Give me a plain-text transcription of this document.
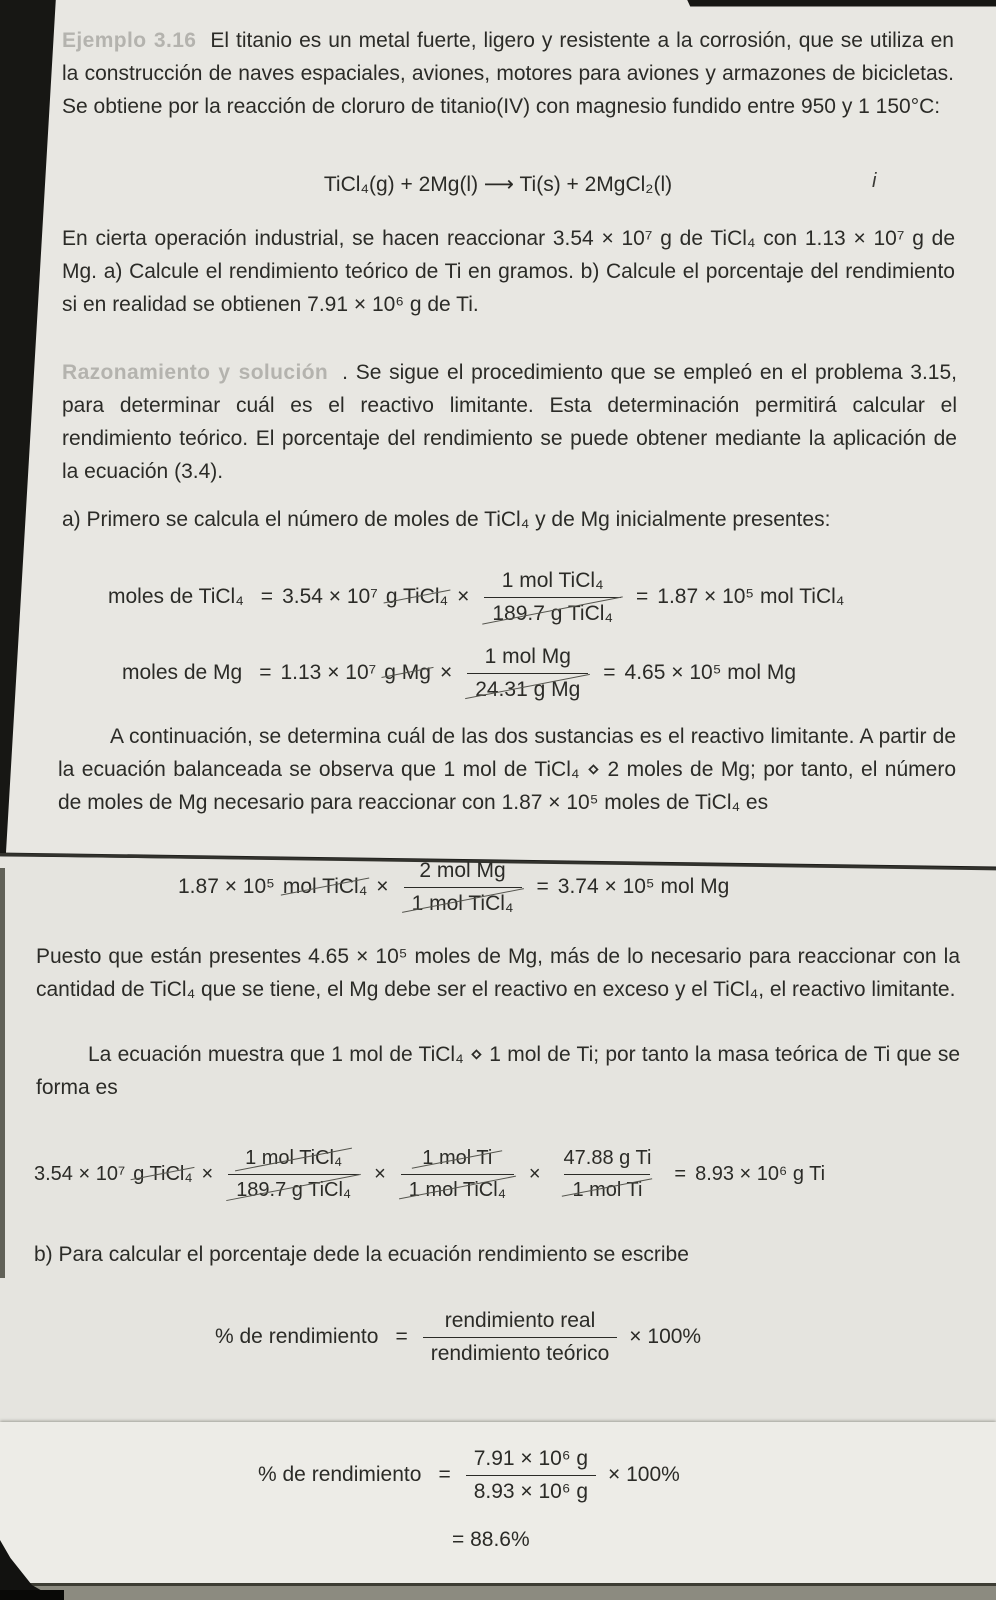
Ejemplo 3.16 El titanio es un metal fuerte, ligero y resistente a la corrosión, que se utiliza en la construcción de naves espaciales, aviones, motores para aviones y armazones de bicicletas. Se obtiene por la reacción de cloruro de titanio(IV) con magnesio fundido entre 950 y 1 150°C:

TiCl₄(g) + 2Mg(l) ⟶ Ti(s) + 2MgCl₂(l)	i

En cierta operación industrial, se hacen reaccionar 3.54 × 10⁷ g de TiCl₄ con 1.13 × 10⁷ g de Mg. a) Calcule el rendimiento teórico de Ti en gramos. b) Calcule el porcentaje del rendimiento si en realidad se obtienen 7.91 × 10⁶ g de Ti.

Razonamiento y solución . Se sigue el procedimiento que se empleó en el problema 3.15, para determinar cuál es el reactivo limitante. Esta determinación permitirá calcular el rendimiento teórico. El porcentaje del rendimiento se puede obtener mediante la aplicación de la ecuación (3.4).

a) Primero se calcula el número de moles de TiCl₄ y de Mg inicialmente presentes:

moles de TiCl₄ = 3.54 × 10⁷ g TiCl₄ × $\frac{\text{1 mol TiCl₄}}{\text{189.7 g TiCl₄}} = 1.87 \times 10^5$ mol TiCl₄
moles de Mg = 1.13 × 10⁷ g $Mg \times \frac{\text{1 mol Mg}}{\text{24.31 g Mg}} = 4.65 \times 10^5$ mol Mg

A continuación, se determina cuál de las dos sustancias es el reactivo limitante. A partir de la ecuación balanceada se observa que 1 mol de TiCl₄ ⋄ 2 moles de Mg; por tanto, el número de moles de Mg necesario para reaccionar con 1.87 × 10⁵ moles de TiCl₄ es

1.87 × 10⁵ mol TiCl₄ × $\frac{\text{2 mol Mg}}{\text{1 mol TiCl₄}} = 3.74 \times 10^5$ mol Mg

Puesto que están presentes 4.65 × 10⁵ moles de Mg, más de lo necesario para reaccionar con la cantidad de TiCl₄ que se tiene, el Mg debe ser el reactivo en exceso y el TiCl₄, el reactivo limitante.

La ecuación muestra que 1 mol de TiCl₄ ⋄ 1 mol de Ti; por tanto la masa teórica de Ti que se forma es

3.54 × 10⁷ g TiCl₄ × $\frac{\text{1 mol TiCl₄}}{\text{189.7 g TiCl₄}} \times \frac{\text{1 mol Ti}}{\text{1 mol TiCl₄}} \times \frac{\text{47.88 g Ti}}{\text{1 mol Ti}} = 8.93 \times 10^6$ g Ti

b) Para calcular el porcentaje dede la ecuación rendimiento se escribe

% de rendimiento = $\frac{\text{rendimiento real}}{\text{rendimiento teórico}} \times 100\%$
% de rendimiento = $\frac{\text{7.91 × 10⁶ g}}{\text{8.93 × 10⁶ g}} \times 100\%$
= 88.6%
